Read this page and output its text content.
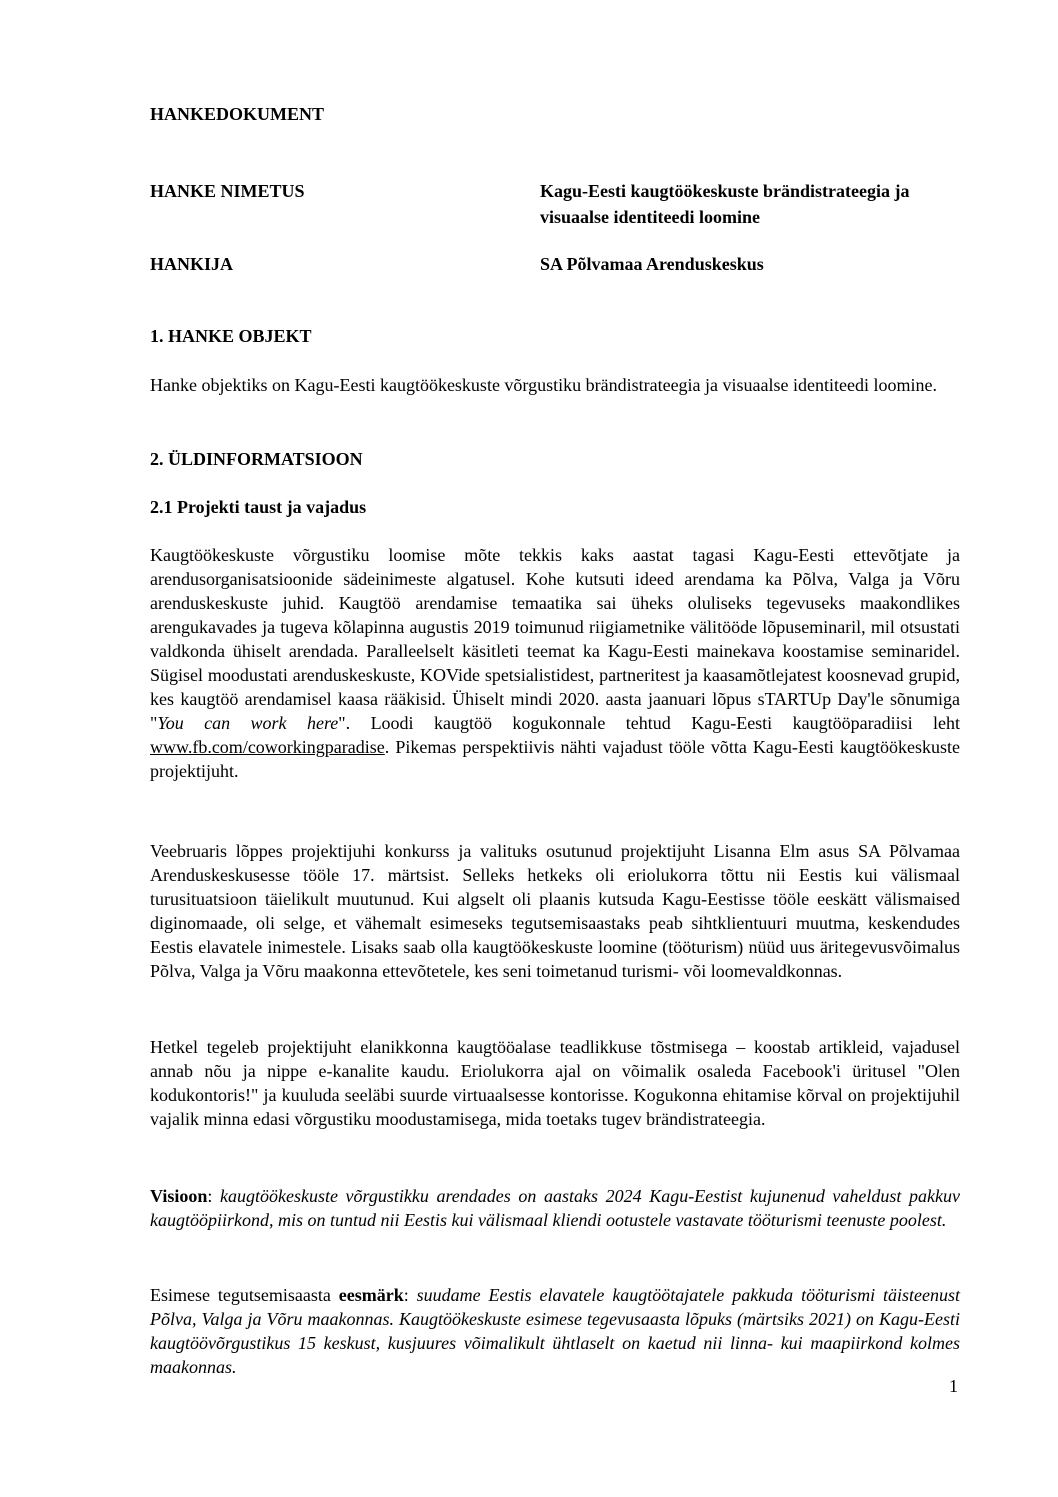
HANKEDOKUMENT
HANKE NIMETUS	Kagu-Eesti kaugtöökeskuste brändistrateegia ja visuaalse identiteedi loomine
HANKIJA	SA Põlvamaa Arenduskeskus
1. HANKE OBJEKT
Hanke objektiks on Kagu-Eesti kaugtöökeskuste võrgustiku brändistrateegia ja visuaalse identiteedi loomine.
2. ÜLDINFORMATSIOON
2.1 Projekti taust ja vajadus
Kaugtöökeskuste võrgustiku loomise mõte tekkis kaks aastat tagasi Kagu-Eesti ettevõtjate ja arendusorganisatsioonide sädeinimeste algatusel. Kohe kutsuti ideed arendama ka Põlva, Valga ja Võru arenduskeskuste juhid. Kaugtöö arendamise temaatika sai üheks oluliseks tegevuseks maakondlikes arengukavades ja tugeva kõlapinna augustis 2019 toimunud riigiametnike välitööde lõpuseminaril, mil otsustati valdkonda ühiselt arendada. Paralleelselt käsitleti teemat ka Kagu-Eesti mainekava koostamise seminaridel. Sügisel moodustati arenduskeskuste, KOVide spetsialistidest, partneritest ja kaasamõtlejatest koosnevad grupid, kes kaugtöö arendamisel kaasa rääkisid. Ühiselt mindi 2020. aasta jaanuari lõpus sTARTUp Day'le sõnumiga "You can work here". Loodi kaugtöö kogukonnale tehtud Kagu-Eesti kaugtööparadiisi leht www.fb.com/coworkingparadise. Pikemas perspektiivis nähti vajadust tööle võtta Kagu-Eesti kaugtöökeskuste projektijuht.
Veebruaris lõppes projektijuhi konkurss ja valituks osutunud projektijuht Lisanna Elm asus SA Põlvamaa Arenduskeskusesse tööle 17. märtsist. Selleks hetkeks oli eriolukorra tõttu nii Eestis kui välismaal turusituatsioon täielikult muutunud. Kui algselt oli plaanis kutsuda Kagu-Eestisse tööle eeskätt välismaised diginomaade, oli selge, et vähemalt esimeseks tegutsemisaastaks peab sihtklientuuri muutma, keskendudes Eestis elavatele inimestele. Lisaks saab olla kaugtöökeskuste loomine (tööturism) nüüd uus äritegevusvõimalus Põlva, Valga ja Võru maakonna ettevõtetele, kes seni toimetanud turismi- või loomevaldkonnas.
Hetkel tegeleb projektijuht elanikkonna kaugtööalase teadlikkuse tõstmisega – koostab artikleid, vajadusel annab nõu ja nippe e-kanalite kaudu. Eriolukorra ajal on võimalik osaleda Facebook'i üritusel "Olen kodukontoris!" ja kuuluda seeläbi suurde virtuaalsesse kontorisse. Kogukonna ehitamise kõrval on projektijuhil vajalik minna edasi võrgustiku moodustamisega, mida toetaks tugev brändistrateegia.
Visioon: kaugtöökeskuste võrgustikku arendades on aastaks 2024 Kagu-Eestist kujunenud vaheldust pakkuv kaugtööpiirkond, mis on tuntud nii Eestis kui välismaal kliendi ootustele vastavate tööturismi teenuste poolest.
Esimese tegutsemisaasta eesmärk: suudame Eestis elavatele kaugtöötajatele pakkuda tööturismi täisteenust Põlva, Valga ja Võru maakonnas. Kaugtöökeskuste esimese tegevusaasta lõpuks (märtsiks 2021) on Kagu-Eesti kaugtöövõrgustikus 15 keskust, kusjuures võimalikult ühtlaselt on kaetud nii linna- kui maapiirkond kolmes maakonnas.
1
